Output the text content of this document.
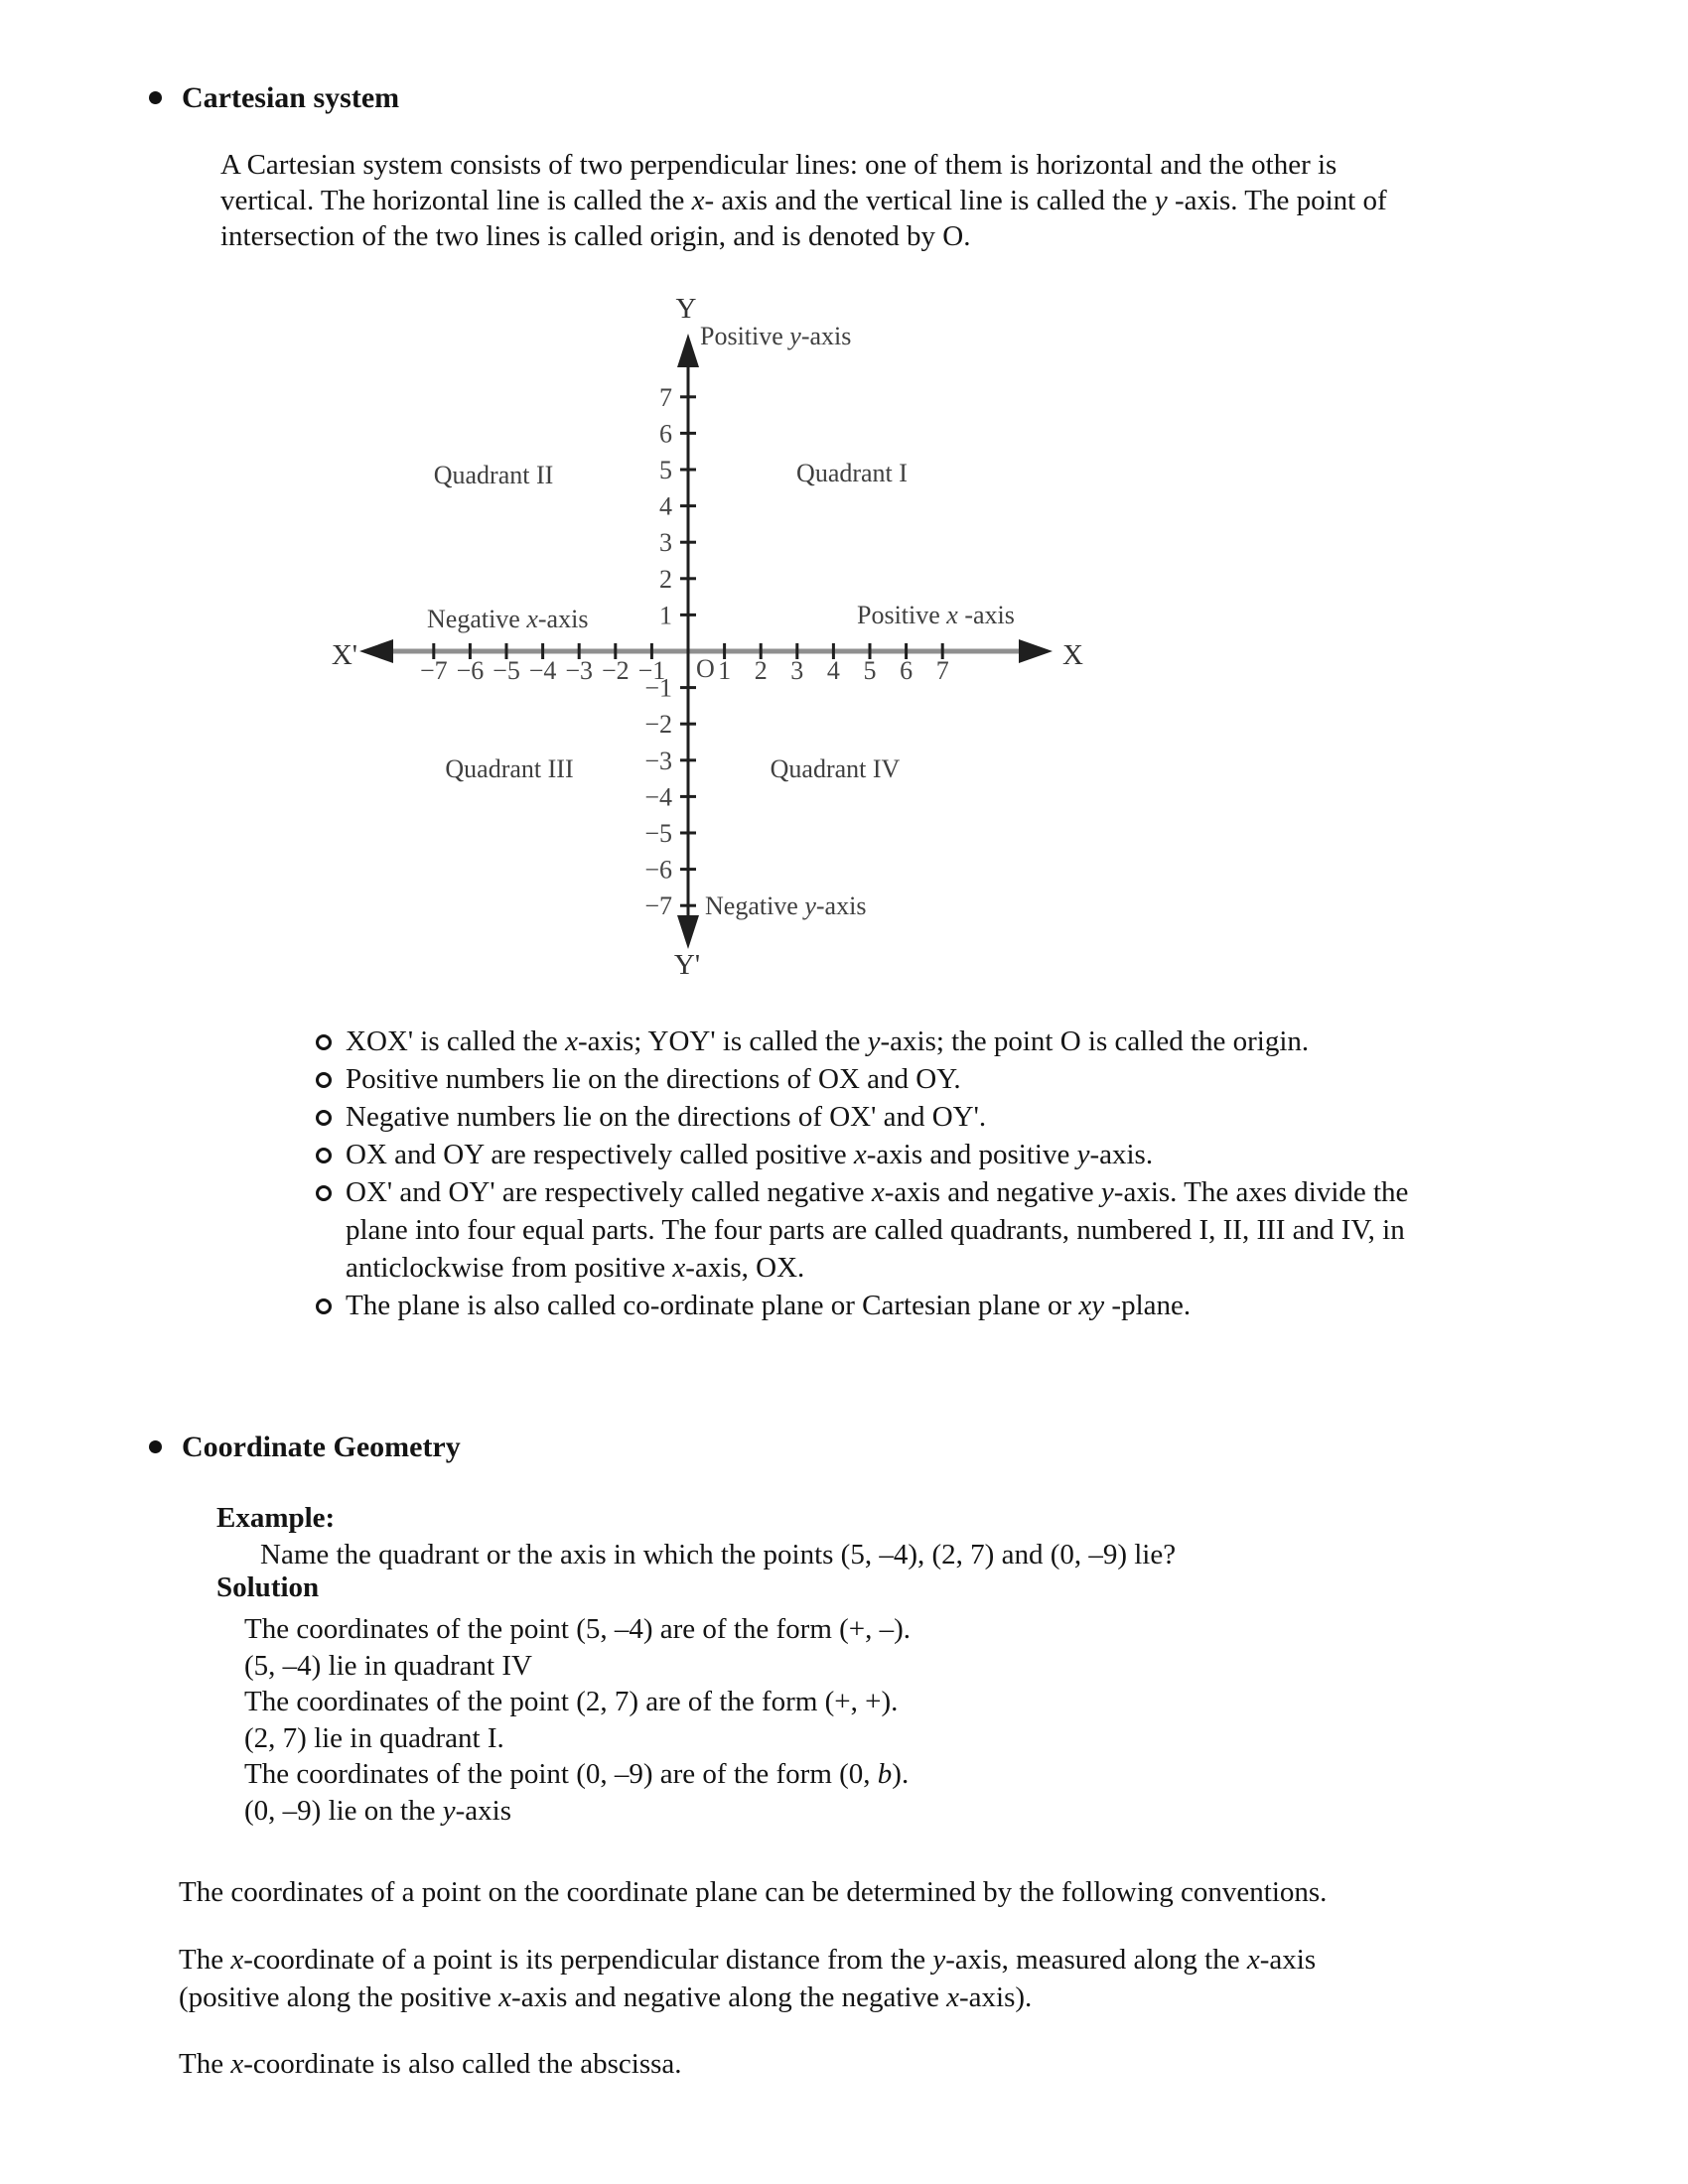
Cartesian system
A Cartesian system consists of two perpendicular lines: one of them is horizontal and the other is
vertical. The horizontal line is called the x- axis and the vertical line is called the y -axis. The point of
intersection of the two lines is called origin, and is denoted by O.
−7 −6 −5 −4 −3 −2 −1 1 2 3 4 5 6 7
−7
−6
−5
−4
−3
−2
−1
1
2
3
4
5
6
7
O
Y
Y'
X
X'
Positive y-axis
Negative y-axis
Positive x -axis
Negative x-axis
Quadrant I
Quadrant II
Quadrant III	Quadrant IV
XOX' is called the x-axis; YOY' is called the y-axis; the point O is called the origin.
Positive numbers lie on the directions of OX and OY.
Negative numbers lie on the directions of OX' and OY'.
OX and OY are respectively called positive x-axis and positive y-axis.
OX' and OY' are respectively called negative x-axis and negative y-axis. The axes divide the
plane into four equal parts. The four parts are called quadrants, numbered I, II, III and IV, in
anticlockwise from positive x-axis, OX.
The plane is also called co-ordinate plane or Cartesian plane or xy -plane.
Coordinate Geometry
Example:
Name the quadrant or the axis in which the points (5, –4), (2, 7) and (0, –9) lie?
Solution
The coordinates of the point (5, –4) are of the form (+, –).
(5, –4) lie in quadrant IV
The coordinates of the point (2, 7) are of the form (+, +).
(2, 7) lie in quadrant I.
The coordinates of the point (0, –9) are of the form (0, b).
(0, –9) lie on the y-axis
The coordinates of a point on the coordinate plane can be determined by the following conventions.
The x-coordinate of a point is its perpendicular distance from the y-axis, measured along the x-axis
(positive along the positive x-axis and negative along the negative x-axis).
The x-coordinate is also called the abscissa.
